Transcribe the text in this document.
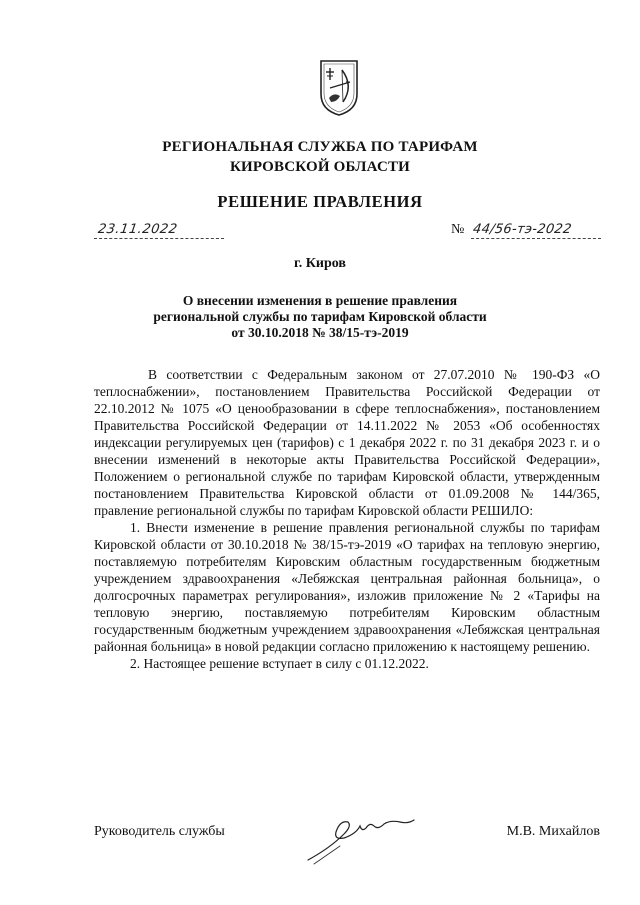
РЕГИОНАЛЬНАЯ СЛУЖБА ПО ТАРИФАМ
КИРОВСКОЙ ОБЛАСТИ
РЕШЕНИЕ ПРАВЛЕНИЯ
23.11.2022	№ 44/56-тэ-2022
г. Киров
О внесении изменения в решение правления
региональной службы по тарифам Кировской области
от 30.10.2018 № 38/15-тэ-2019

В соответствии с Федеральным законом от 27.07.2010 № 190-ФЗ «О теплоснабжении», постановлением Правительства Российской Федерации от 22.10.2012 № 1075 «О ценообразовании в сфере теплоснабжения», постановлением Правительства Российской Федерации от 14.11.2022 № 2053 «Об особенностях индексации регулируемых цен (тарифов) с 1 декабря 2022 г. по 31 декабря 2023 г. и о внесении изменений в некоторые акты Правительства Российской Федерации», Положением о региональной службе по тарифам Кировской области, утвержденным постановлением Правительства Кировской области от 01.09.2008 № 144/365, правление региональной службы по тарифам Кировской области РЕШИЛО:

1. Внести изменение в решение правления региональной службы по тарифам Кировской области от 30.10.2018 № 38/15-тэ-2019 «О тарифах на тепловую энергию, поставляемую потребителям Кировским областным государственным бюджетным учреждением здравоохранения «Лебяжская центральная районная больница», о долгосрочных параметрах регулирования», изложив приложение № 2 «Тарифы на тепловую энергию, поставляемую потребителям Кировским областным государственным бюджетным учреждением здравоохранения «Лебяжская центральная районная больница» в новой редакции согласно приложению к настоящему решению.

2. Настоящее решение вступает в силу с 01.12.2022.

Руководитель службы	М.В. Михайлов
